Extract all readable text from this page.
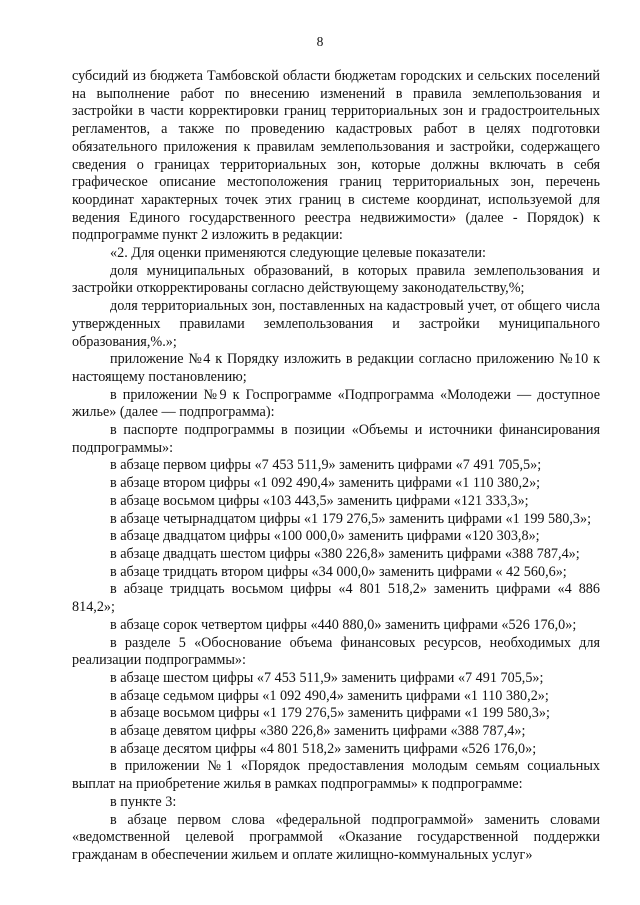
8

субсидий из бюджета Тамбовской области бюджетам городских и сельских поселений на выполнение работ по внесению изменений в правила землепользования и застройки в части корректировки границ территориальных зон и градостроительных регламентов, а также по проведению кадастровых работ в целях подготовки обязательного приложения к правилам землепользования и застройки, содержащего сведения о границах территориальных зон, которые должны включать в себя графическое описание местоположения границ территориальных зон, перечень координат характерных точек этих границ в системе координат, используемой для ведения Единого государственного реестра недвижимости» (далее - Порядок) к подпрограмме пункт 2 изложить в редакции:

«2. Для оценки применяются следующие целевые показатели:

доля муниципальных образований, в которых правила землепользования и застройки откорректированы согласно действующему законодательству,%;

доля территориальных зон, поставленных на кадастровый учет, от общего числа утвержденных правилами землепользования и застройки муниципального образования,%.»;

приложение №4 к Порядку изложить в редакции согласно приложению №10 к настоящему постановлению;

в приложении №9 к Госпрограмме «Подпрограмма «Молодежи — доступное жилье» (далее — подпрограмма):

в паспорте подпрограммы в позиции «Объемы и источники финансирования подпрограммы»:

в абзаце первом цифры «7 453 511,9» заменить цифрами «7 491 705,5»;

в абзаце втором цифры «1 092 490,4» заменить цифрами «1 110 380,2»;

в абзаце восьмом цифры «103 443,5» заменить цифрами «121 333,3»;

в абзаце четырнадцатом цифры «1 179 276,5» заменить цифрами «1 199 580,3»;

в абзаце двадцатом цифры «100 000,0» заменить цифрами «120 303,8»;

в абзаце двадцать шестом цифры «380 226,8» заменить цифрами «388 787,4»;

в абзаце тридцать втором цифры «34 000,0» заменить цифрами « 42 560,6»;

в абзаце тридцать восьмом цифры «4 801 518,2» заменить цифрами «4 886 814,2»;

в абзаце сорок четвертом цифры «440 880,0» заменить цифрами «526 176,0»;

в разделе 5 «Обоснование объема финансовых ресурсов, необходимых для реализации подпрограммы»:

в абзаце шестом цифры «7 453 511,9» заменить цифрами «7 491 705,5»;

в абзаце седьмом цифры «1 092 490,4» заменить цифрами «1 110 380,2»;

в абзаце восьмом цифры «1 179 276,5» заменить цифрами «1 199 580,3»;

в абзаце девятом цифры «380 226,8» заменить цифрами «388 787,4»;

в абзаце десятом цифры «4 801 518,2» заменить цифрами «526 176,0»;

в приложении №1 «Порядок предоставления молодым семьям социальных выплат на приобретение жилья в рамках подпрограммы» к подпрограмме:

в пункте 3:

в абзаце первом слова «федеральной подпрограммой» заменить словами «ведомственной целевой программой «Оказание государственной поддержки гражданам в обеспечении жильем и оплате жилищно-коммунальных услуг»
